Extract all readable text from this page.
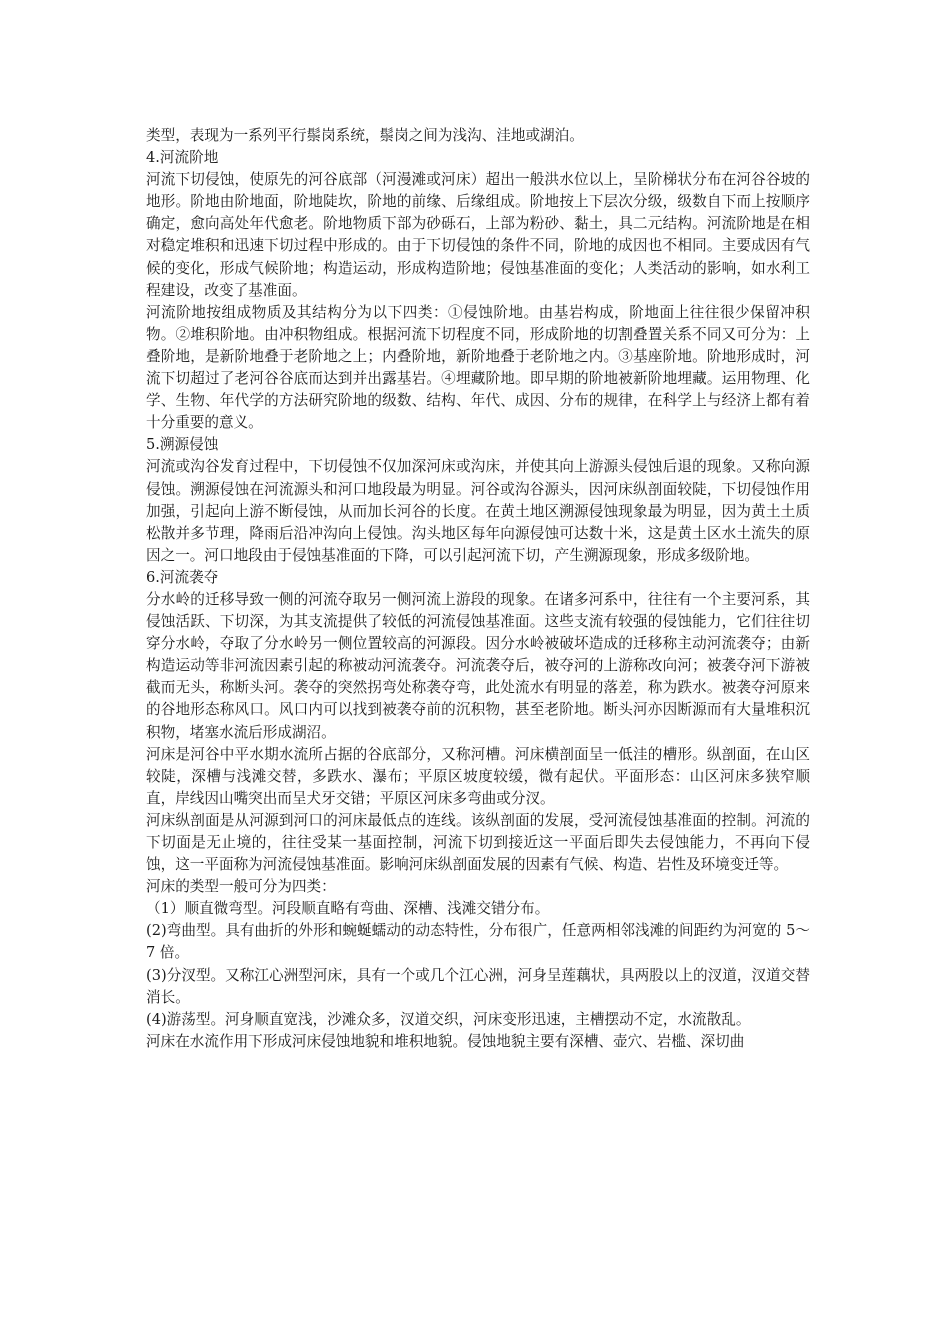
类型，表现为一系列平行鬃岗系统，鬃岗之间为浅沟、洼地或湖泊。

4.河流阶地

河流下切侵蚀，使原先的河谷底部（河漫滩或河床）超出一般洪水位以上，呈阶梯状分布在河谷谷坡的地形。阶地由阶地面，阶地陡坎，阶地的前缘、后缘组成。阶地按上下层次分级，级数自下而上按顺序确定，愈向高处年代愈老。阶地物质下部为砂砾石，上部为粉砂、黏土，具二元结构。河流阶地是在相对稳定堆积和迅速下切过程中形成的。由于下切侵蚀的条件不同，阶地的成因也不相同。主要成因有气候的变化，形成气候阶地；构造运动，形成构造阶地；侵蚀基准面的变化；人类活动的影响，如水利工程建设，改变了基准面。

河流阶地按组成物质及其结构分为以下四类：①侵蚀阶地。由基岩构成，阶地面上往往很少保留冲积物。②堆积阶地。由冲积物组成。根据河流下切程度不同，形成阶地的切割叠置关系不同又可分为：上叠阶地，是新阶地叠于老阶地之上；内叠阶地，新阶地叠于老阶地之内。③基座阶地。阶地形成时，河流下切超过了老河谷谷底而达到并出露基岩。④埋藏阶地。即早期的阶地被新阶地埋藏。运用物理、化学、生物、年代学的方法研究阶地的级数、结构、年代、成因、分布的规律，在科学上与经济上都有着十分重要的意义。

5.溯源侵蚀

河流或沟谷发育过程中，下切侵蚀不仅加深河床或沟床，并使其向上游源头侵蚀后退的现象。又称向源侵蚀。溯源侵蚀在河流源头和河口地段最为明显。河谷或沟谷源头，因河床纵剖面较陡，下切侵蚀作用加强，引起向上游不断侵蚀，从而加长河谷的长度。在黄土地区溯源侵蚀现象最为明显，因为黄土土质松散并多节理，降雨后沿冲沟向上侵蚀。沟头地区每年向源侵蚀可达数十米，这是黄土区水土流失的原因之一。河口地段由于侵蚀基准面的下降，可以引起河流下切，产生溯源现象，形成多级阶地。

6.河流袭夺

分水岭的迁移导致一侧的河流夺取另一侧河流上游段的现象。在诸多河系中，往往有一个主要河系，其侵蚀活跃、下切深，为其支流提供了较低的河流侵蚀基准面。这些支流有较强的侵蚀能力，它们往往切穿分水岭，夺取了分水岭另一侧位置较高的河源段。因分水岭被破坏造成的迁移称主动河流袭夺；由新构造运动等非河流因素引起的称被动河流袭夺。河流袭夺后，被夺河的上游称改向河；被袭夺河下游被截而无头，称断头河。袭夺的突然拐弯处称袭夺弯，此处流水有明显的落差，称为跌水。被袭夺河原来的谷地形态称风口。风口内可以找到被袭夺前的沉积物，甚至老阶地。断头河亦因断源而有大量堆积沉积物，堵塞水流后形成湖沼。

河床是河谷中平水期水流所占据的谷底部分，又称河槽。河床横剖面呈一低洼的槽形。纵剖面，在山区较陡，深槽与浅滩交替，多跌水、瀑布；平原区坡度较缓，微有起伏。平面形态：山区河床多狭窄顺直，岸线因山嘴突出而呈犬牙交错；平原区河床多弯曲或分汊。

河床纵剖面是从河源到河口的河床最低点的连线。该纵剖面的发展，受河流侵蚀基准面的控制。河流的下切面是无止境的，往往受某一基面控制，河流下切到接近这一平面后即失去侵蚀能力，不再向下侵蚀，这一平面称为河流侵蚀基准面。影响河床纵剖面发展的因素有气候、构造、岩性及环境变迁等。

河床的类型一般可分为四类：

（1）顺直微弯型。河段顺直略有弯曲、深槽、浅滩交错分布。

(2)弯曲型。具有曲折的外形和蜿蜒蠕动的动态特性，分布很广，任意两相邻浅滩的间距约为河宽的 5～7 倍。

(3)分汊型。又称江心洲型河床，具有一个或几个江心洲，河身呈莲藕状，具两股以上的汊道，汊道交替消长。

(4)游荡型。河身顺直宽浅，沙滩众多，汊道交织，河床变形迅速，主槽摆动不定，水流散乱。

河床在水流作用下形成河床侵蚀地貌和堆积地貌。侵蚀地貌主要有深槽、壶穴、岩槛、深切曲
